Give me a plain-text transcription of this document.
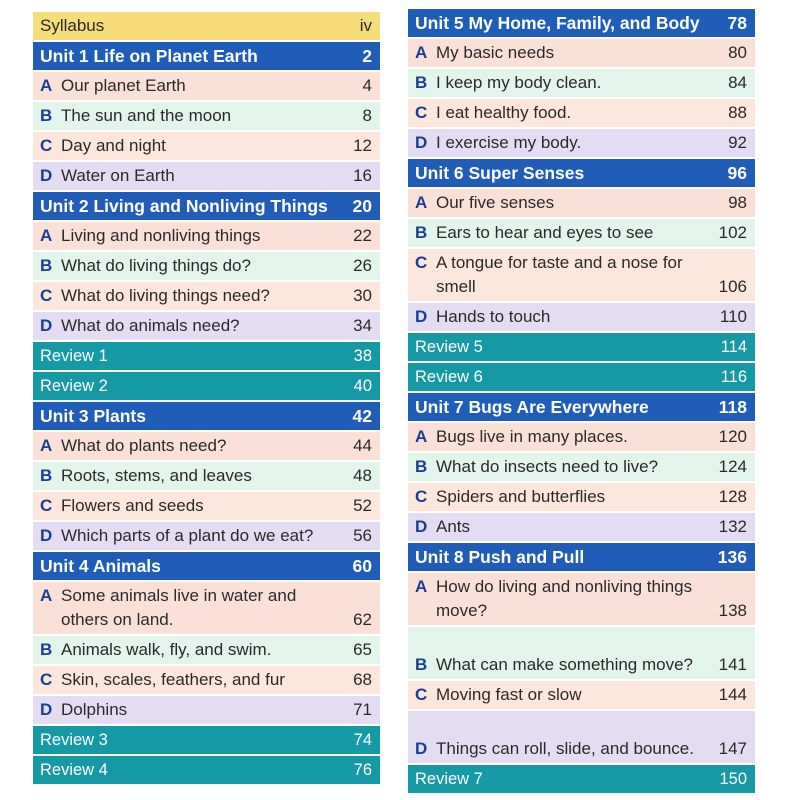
Syllabus	iv
Unit 1 Life on Planet Earth	2
A Our planet Earth	4
B The sun and the moon	8
C Day and night	12
D Water on Earth	16
Unit 2 Living and Nonliving Things	20
A Living and nonliving things	22
B What do living things do?	26
C What do living things need?	30
D What do animals need?	34
Review 1	38
Review 2	40
Unit 3 Plants	42
A What do plants need?	44
B Roots, stems, and leaves	48
C Flowers and seeds	52
D Which parts of a plant do we eat?	56
Unit 4 Animals	60
A Some animals live in water and others on land.	62
B Animals walk, fly, and swim.	65
C Skin, scales, feathers, and fur	68
D Dolphins	71
Review 3	74
Review 4	76
Unit 5 My Home, Family, and Body	78
A My basic needs	80
B I keep my body clean.	84
C I eat healthy food.	88
D I exercise my body.	92
Unit 6 Super Senses	96
A Our five senses	98
B Ears to hear and eyes to see	102
C A tongue for taste and a nose for smell	106
D Hands to touch	110
Review 5	114
Review 6	116
Unit 7 Bugs Are Everywhere	118
A Bugs live in many places.	120
B What do insects need to live?	124
C Spiders and butterflies	128
D Ants	132
Unit 8 Push and Pull	136
A How do living and nonliving things move?	138
B What can make something move?	141
C Moving fast or slow	144
D Things can roll, slide, and bounce.	147
Review 7	150
